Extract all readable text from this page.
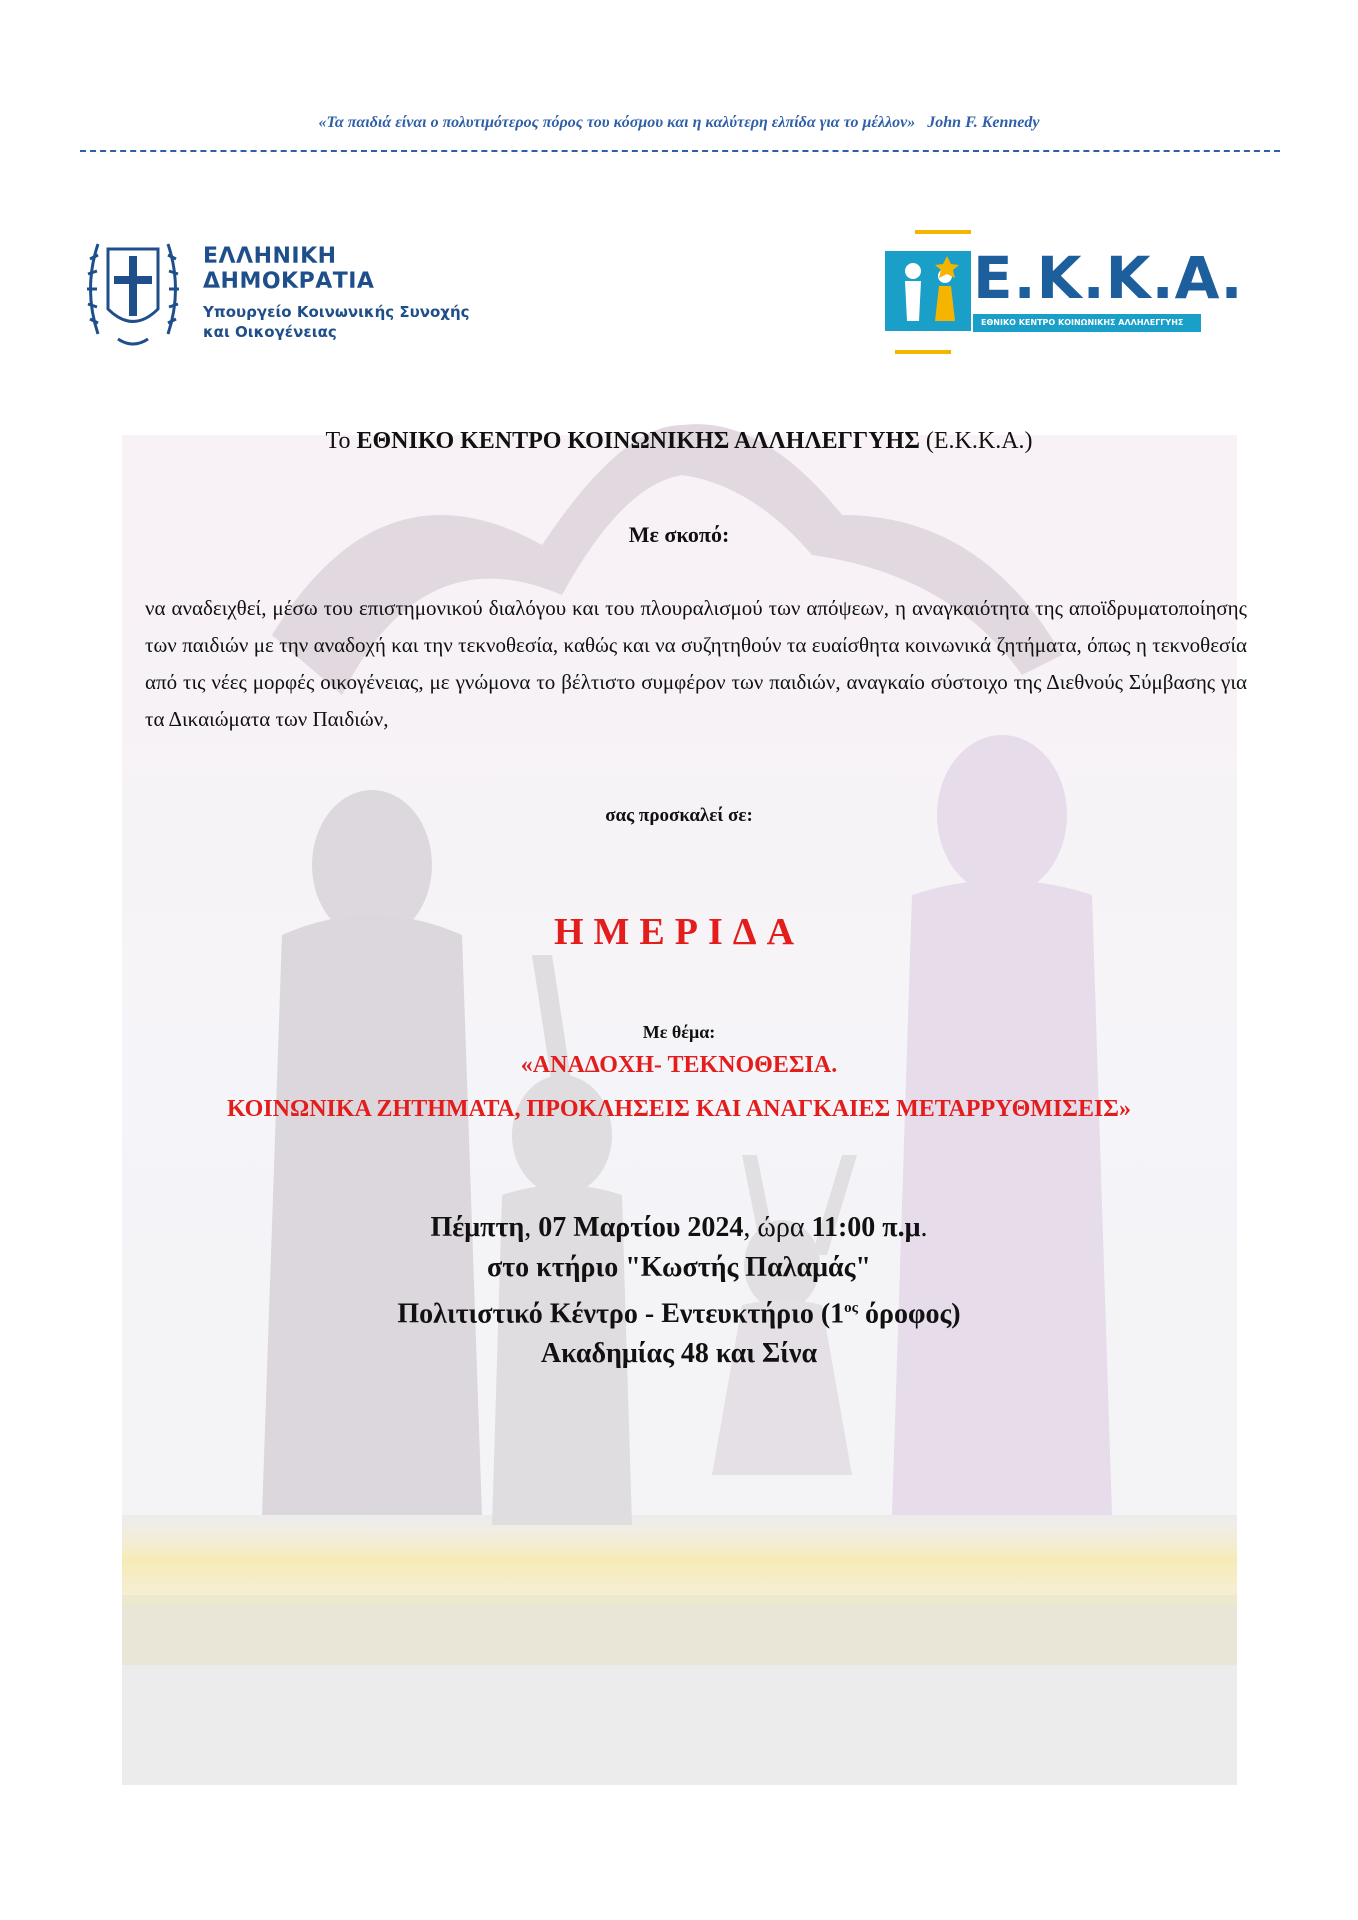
«Τα παιδιά είναι ο πολυτιμότερος πόρος του κόσμου και η καλύτερη ελπίδα για το μέλλον» John F. Kennedy
ΕΛΛΗΝΙΚΗ ΔΗΜΟΚΡΑΤΙΑ
Υπουργείο Κοινωνικής Συνοχής
και Οικογένειας
Ε.Κ.Κ.Α.
ΕΘΝΙΚΟ ΚΕΝΤΡΟ ΚΟΙΝΩΝΙΚΗΣ ΑΛΛΗΛΕΓΓΥΗΣ
Το ΕΘΝΙΚΟ ΚΕΝΤΡΟ ΚΟΙΝΩΝΙΚΗΣ ΑΛΛΗΛΕΓΓΥΗΣ (Ε.Κ.Κ.Α.)
Με σκοπό:
να αναδειχθεί, μέσω του επιστημονικού διαλόγου και του πλουραλισμού των απόψεων, η αναγκαιότητα της αποϊδρυματοποίησης των παιδιών με την αναδοχή και την τεκνοθεσία, καθώς και να συζητηθούν τα ευαίσθητα κοινωνικά ζητήματα, όπως η τεκνοθεσία από τις νέες μορφές οικογένειας, με γνώμονα το βέλτιστο συμφέρον των παιδιών, αναγκαίο σύστοιχο της Διεθνούς Σύμβασης για τα Δικαιώματα των Παιδιών,
σας προσκαλεί σε:
ΗΜΕΡΙΔΑ
Με θέμα:
«ΑΝΑΔΟΧΗ- ΤΕΚΝΟΘΕΣΙΑ.
ΚΟΙΝΩΝΙΚΑ ΖΗΤΗΜΑΤΑ, ΠΡΟΚΛΗΣΕΙΣ ΚΑΙ ΑΝΑΓΚΑΙΕΣ ΜΕΤΑΡΡΥΘΜΙΣΕΙΣ»
Πέμπτη, 07 Μαρτίου 2024, ώρα 11:00 π.μ.
στο κτήριο "Κωστής Παλαμάς"
Πολιτιστικό Κέντρο - Εντευκτήριο ($1^{o\varsigma}$ όροφος)
Ακαδημίας 48 και Σίνα
